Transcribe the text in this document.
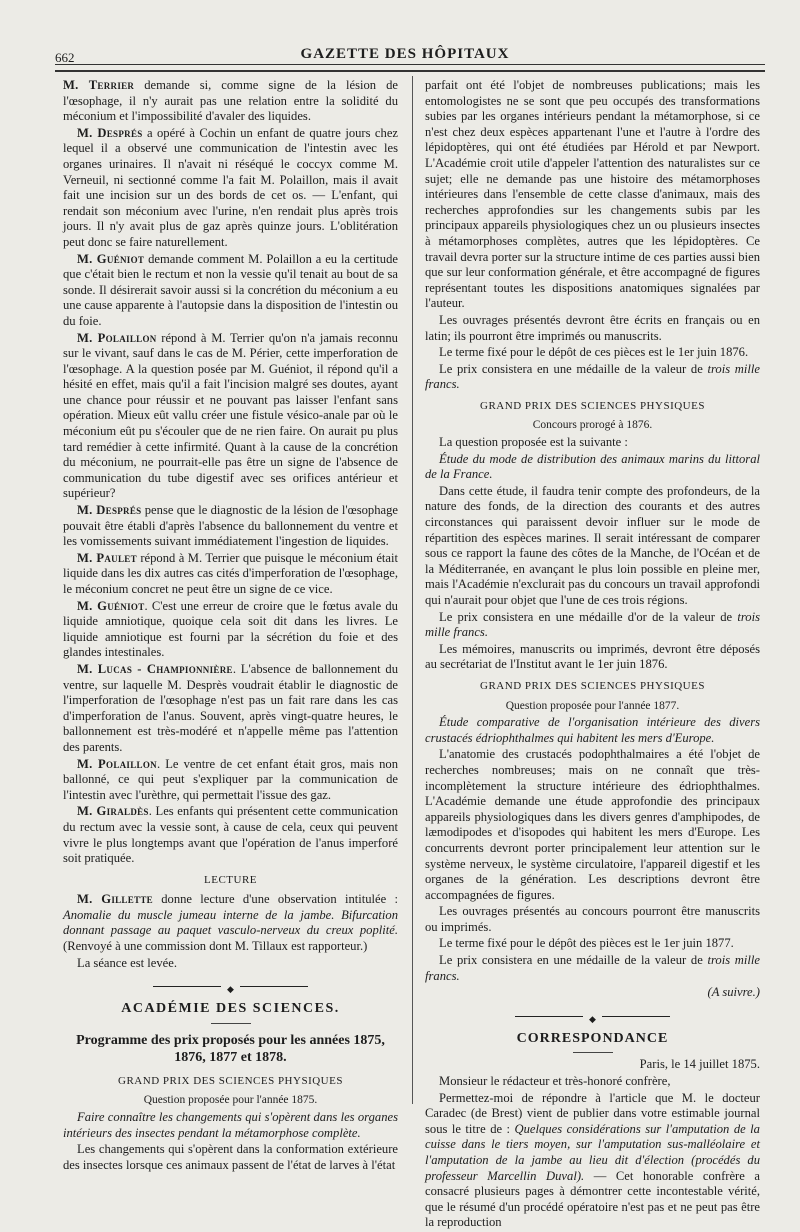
662	GAZETTE DES HÔPITAUX

M. Terrier demande si, comme signe de la lésion de l'œsophage, il n'y aurait pas une relation entre la solidité du méconium et l'impossibilité d'avaler des liquides.

M. Després a opéré à Cochin un enfant de quatre jours chez lequel il a observé une communication de l'intestin avec les organes urinaires. Il n'avait ni réséqué le coccyx comme M. Verneuil, ni sectionné comme l'a fait M. Polaillon, mais il avait fait une incision sur un des bords de cet os. — L'enfant, qui rendait son méconium avec l'urine, n'en rendait plus après trois jours. Il n'y avait plus de gaz après quinze jours. L'oblitération peut donc se faire naturellement.

M. Guéniot demande comment M. Polaillon a eu la certitude que c'était bien le rectum et non la vessie qu'il tenait au bout de sa sonde. Il désirerait savoir aussi si la concrétion du méconium a eu une cause apparente à l'autopsie dans la disposition de l'intestin ou du foie.

M. Polaillon répond à M. Terrier qu'on n'a jamais reconnu sur le vivant, sauf dans le cas de M. Périer, cette imperforation de l'œsophage. A la question posée par M. Guéniot, il répond qu'il a hésité en effet, mais qu'il a fait l'incision malgré ses doutes, ayant une chance pour réussir et ne pouvant pas laisser l'enfant sans opération. Mieux eût vallu créer une fistule vésico-anale par où le méconium eût pu s'écouler que de ne rien faire. On aurait pu plus tard remédier à cette infirmité. Quant à la cause de la concrétion du méconium, ne pourrait-elle pas être un signe de l'absence de communication du tube digestif avec ses orifices antérieur et supérieur?

M. Després pense que le diagnostic de la lésion de l'œsophage pouvait être établi d'après l'absence du ballonnement du ventre et les vomissements suivant immédiatement l'ingestion de liquides.

M. Paulet répond à M. Terrier que puisque le méconium était liquide dans les dix autres cas cités d'imperforation de l'œsophage, le méconium concret ne peut être un signe de ce vice.

M. Guéniot. C'est une erreur de croire que le fœtus avale du liquide amniotique, quoique cela soit dit dans les livres. Le liquide amniotique est fourni par la sécrétion du foie et des glandes intestinales.

M. Lucas - Championnière. L'absence de ballonnement du ventre, sur laquelle M. Desprès voudrait établir le diagnostic de l'imperforation de l'œsophage n'est pas un fait rare dans les cas d'imperforation de l'anus. Souvent, après vingt-quatre heures, le ballonnement est très-modéré et n'appelle même pas l'attention des parents.

M. Polaillon. Le ventre de cet enfant était gros, mais non ballonné, ce qui peut s'expliquer par la communication de l'intestin avec l'urèthre, qui permettait l'issue des gaz.

M. Giraldès. Les enfants qui présentent cette communication du rectum avec la vessie sont, à cause de cela, ceux qui peuvent vivre le plus longtemps avant que l'opération de l'anus imperforé soit pratiquée.

LECTURE

M. Gillette donne lecture d'une observation intitulée : Anomalie du muscle jumeau interne de la jambe. Bifurcation donnant passage au paquet vasculo-nerveux du creux poplité. (Renvoyé à une commission dont M. Tillaux est rapporteur.)

La séance est levée.

◆

ACADÉMIE DES SCIENCES.

Programme des prix proposés pour les années 1875, 1876, 1877 et 1878.

GRAND PRIX DES SCIENCES PHYSIQUES

Question proposée pour l'année 1875.

Faire connaître les changements qui s'opèrent dans les organes intérieurs des insectes pendant la métamorphose complète.

Les changements qui s'opèrent dans la conformation extérieure des insectes lorsque ces animaux passent de l'état de larves à l'état

parfait ont été l'objet de nombreuses publications; mais les entomologistes ne se sont que peu occupés des transformations subies par les organes intérieurs pendant la métamorphose, si ce n'est chez deux espèces appartenant l'une et l'autre à l'ordre des lépidoptères, qui ont été étudiées par Hérold et par Newport. L'Académie croit utile d'appeler l'attention des naturalistes sur ce sujet; elle ne demande pas une histoire des métamorphoses intérieures dans l'ensemble de cette classe d'animaux, mais des recherches approfondies sur les changements subis par les principaux appareils physiologiques chez un ou plusieurs insectes à métamorphoses complètes, autres que les lépidoptères. Ce travail devra porter sur la structure intime de ces parties aussi bien que sur leur conformation générale, et être accompagné de figures représentant toutes les dispositions anatomiques signalées par l'auteur.

Les ouvrages présentés devront être écrits en français ou en latin; ils pourront être imprimés ou manuscrits.

Le terme fixé pour le dépôt de ces pièces est le 1er juin 1876.

Le prix consistera en une médaille de la valeur de trois mille francs.

GRAND PRIX DES SCIENCES PHYSIQUES

Concours prorogé à 1876.

La question proposée est la suivante :

Étude du mode de distribution des animaux marins du littoral de la France.

Dans cette étude, il faudra tenir compte des profondeurs, de la nature des fonds, de la direction des courants et des autres circonstances qui paraissent devoir influer sur le mode de répartition des espèces marines. Il serait intéressant de comparer sous ce rapport la faune des côtes de la Manche, de l'Océan et de la Méditerranée, en avançant le plus loin possible en pleine mer, mais l'Académie n'exclurait pas du concours un travail approfondi qui n'aurait pour objet que l'une de ces trois régions.

Le prix consistera en une médaille d'or de la valeur de trois mille francs.

Les mémoires, manuscrits ou imprimés, devront être déposés au secrétariat de l'Institut avant le 1er juin 1876.

GRAND PRIX DES SCIENCES PHYSIQUES

Question proposée pour l'année 1877.

Étude comparative de l'organisation intérieure des divers crustacés édriophthalmes qui habitent les mers d'Europe.

L'anatomie des crustacés podophthalmaires a été l'objet de recherches nombreuses; mais on ne connaît que très-incomplètement la structure intérieure des édriophthalmes. L'Académie demande une étude approfondie des principaux appareils physiologiques dans les divers genres d'amphipodes, de læmodipodes et d'isopodes qui habitent les mers d'Europe. Les concurrents devront porter principalement leur attention sur le système nerveux, le système circulatoire, l'appareil digestif et les organes de la génération. Les descriptions devront être accompagnées de figures.

Les ouvrages présentés au concours pourront être manuscrits ou imprimés.

Le terme fixé pour le dépôt des pièces est le 1er juin 1877.

Le prix consistera en une médaille de la valeur de trois mille francs.

(A suivre.)

◆

CORRESPONDANCE

Paris, le 14 juillet 1875.

Monsieur le rédacteur et très-honoré confrère,

Permettez-moi de répondre à l'article que M. le docteur Caradec (de Brest) vient de publier dans votre estimable journal sous le titre de : Quelques considérations sur l'amputation de la cuisse dans le tiers moyen, sur l'amputation sus-malléolaire et l'amputation de la jambe au lieu dit d'élection (procédés du professeur Marcellin Duval). — Cet honorable confrère a consacré plusieurs pages à démontrer cette incontestable vérité, que le résumé d'un procédé opératoire n'est pas et ne peut pas être la reproduction
